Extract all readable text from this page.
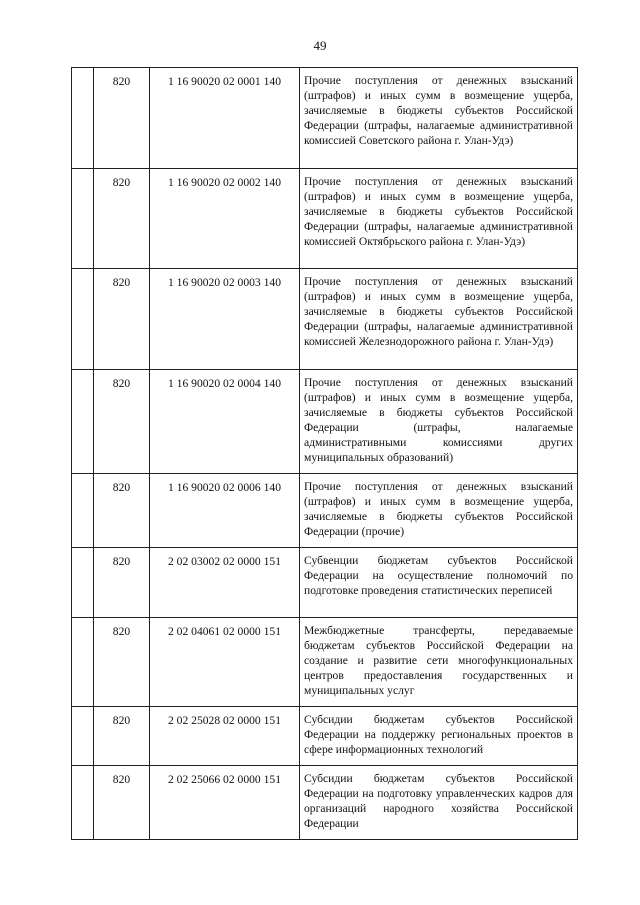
49
	820	1 16 90020 02 0001 140	Прочие поступления от денежных взысканий (штрафов) и иных сумм в возмещение ущерба, зачисляемые в бюджеты субъектов Российской Федерации (штрафы, налагаемые административной комиссией Советского района г. Улан-Удэ)

	820	1 16 90020 02 0002 140	Прочие поступления от денежных взысканий (штрафов) и иных сумм в возмещение ущерба, зачисляемые в бюджеты субъектов Российской Федерации (штрафы, налагаемые административной комиссией Октябрьского района г. Улан-Удэ)

	820	1 16 90020 02 0003 140	Прочие поступления от денежных взысканий (штрафов) и иных сумм в возмещение ущерба, зачисляемые в бюджеты субъектов Российской Федерации (штрафы, налагаемые административной комиссией Железнодорожного района г. Улан-Удэ)

	820	1 16 90020 02 0004 140	Прочие поступления от денежных взысканий (штрафов) и иных сумм в возмещение ущерба, зачисляемые в бюджеты субъектов Российской Федерации (штрафы, налагаемые административными комиссиями других муниципальных образований)

	820	1 16 90020 02 0006 140	Прочие поступления от денежных взысканий (штрафов) и иных сумм в возмещение ущерба, зачисляемые в бюджеты субъектов Российской Федерации (прочие)

	820	2 02 03002 02 0000 151	Субвенции бюджетам субъектов Российской Федерации на осуществление полномочий по подготовке проведения статистических переписей

	820	2 02 04061 02 0000 151	Межбюджетные трансферты, передаваемые бюджетам субъектов Российской Федерации на создание и развитие сети многофункциональных центров предоставления государственных и муниципальных услуг

	820	2 02 25028 02 0000 151	Субсидии бюджетам субъектов Российской Федерации на поддержку региональных проектов в сфере информационных технологий

	820	2 02 25066 02 0000 151	Субсидии бюджетам субъектов Российской Федерации на подготовку управленческих кадров для организаций народного хозяйства Российской Федерации
